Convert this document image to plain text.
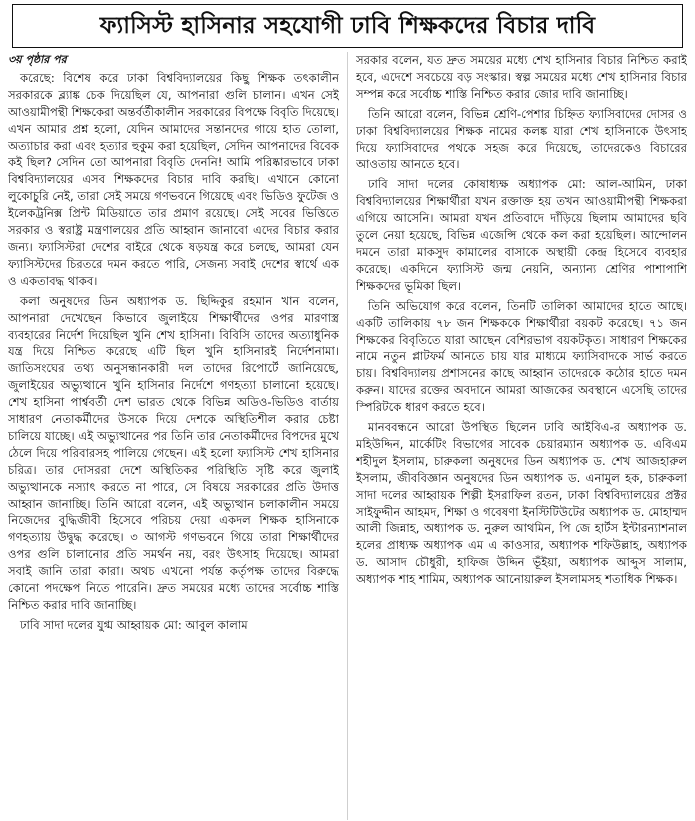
ফ্যাসিস্ট হাসিনার সহযোগী ঢাবি শিক্ষকদের বিচার দাবি
৩য় পৃষ্ঠার পর

করেছে: বিশেষ করে ঢাকা বিশ্ববিদ্যালয়ের কিছু শিক্ষক তৎকালীন সরকারকে ব্ল্যাঙ্ক চেক দিয়েছিল যে, আপনারা গুলি চালান। এখন সেই আওয়ামীপন্থী শিক্ষকেরা অন্তর্বর্তীকালীন সরকারের বিপক্ষে বিবৃতি দিয়েছে। এখন আমার প্রশ্ন হলো, যেদিন আমাদের সন্তানদের গায়ে হাত তোলা, অত্যাচার করা এবং হত্যার হুকুম করা হয়েছিল, সেদিন আপনাদের বিবেক কই ছিল? সেদিন তো আপনারা বিবৃতি দেননি! আমি পরিষ্কারভাবে ঢাকা বিশ্ববিদ্যালয়ের এসব শিক্ষকদের বিচার দাবি করছি। এখানে কোনো লুকোচুরি নেই, তারা সেই সময়ে গণভবনে গিয়েছে এবং ভিডিও ফুটেজ ও ইলেকট্রনিক্স প্রিন্ট মিডিয়াতে তার প্রমাণ রয়েছে। সেই সবের ভিত্তিতে সরকার ও স্বরাষ্ট্র মন্ত্রণালয়ের প্রতি আহ্বান জানাবো এদের বিচার করার জন্য। ফ্যাসিস্টরা দেশের বাইরে থেকে ষড়যন্ত্র করে চলছে, আমরা যেন ফ্যাসিস্টদের চিরতরে দমন করতে পারি, সেজন্য সবাই দেশের স্বার্থে এক ও একতাবদ্ধ থাকব।

কলা অনুষদের ডিন অধ্যাপক ড. ছিদ্দিকুর রহমান খান বলেন, আপনারা দেখেছেন কিভাবে জুলাইয়ে শিক্ষার্থীদের ওপর মারণাস্ত্র ব্যবহারের নির্দেশ দিয়েছিল খুনি শেখ হাসিনা। বিবিসি তাদের অত্যাধুনিক যন্ত্র দিয়ে নিশ্চিত করেছে এটি ছিল খুনি হাসিনারই নির্দেশনামা। জাতিসংঘের তথ্য অনুসন্ধানকারী দল তাদের রিপোর্টে জানিয়েছে, জুলাইয়ের অভ্যুত্থানে খুনি হাসিনার নির্দেশে গণহত্যা চালানো হয়েছে। শেখ হাসিনা পার্শ্ববর্তী দেশ ভারত থেকে বিভিন্ন অডিও-ভিডিও বার্তায় সাধারণ নেতাকর্মীদের উসকে দিয়ে দেশকে অস্থিতিশীল করার চেষ্টা চালিয়ে যাচ্ছে। এই অভ্যুত্থানের পর তিনি তার নেতাকর্মীদের বিপদের মুখে ঠেলে দিয়ে পরিবারসহ পালিয়ে গেছেন। এই হলো ফ্যাসিস্ট শেখ হাসিনার চরিত্র। তার দোসররা দেশে অস্থিতিকর পরিস্থিতি সৃষ্টি করে জুলাই অভ্যুত্থানকে নস্যাৎ করতে না পারে, সে বিষয়ে সরকারের প্রতি উদাত্ত আহ্বান জানাচ্ছি। তিনি আরো বলেন, এই অভ্যুত্থান চলাকালীন সময়ে নিজেদের বুদ্ধিজীবী হিসেবে পরিচয় দেয়া একদল শিক্ষক হাসিনাকে গণহত্যায় উদ্বুদ্ধ করেছে। ৩ আগস্ট গণভবনে গিয়ে তারা শিক্ষার্থীদের ওপর গুলি চালানোর প্রতি সমর্থন নয়, বরং উৎসাহ দিয়েছে। আমরা সবাই জানি তারা কারা। অথচ এখনো পর্যন্ত কর্তৃপক্ষ তাদের বিরুদ্ধে কোনো পদক্ষেপ নিতে পারেনি। দ্রুত সময়ের মধ্যে তাদের সর্বোচ্চ শাস্তি নিশ্চিত করার দাবি জানাচ্ছি।

ঢাবি সাদা দলের যুগ্ম আহ্বায়ক মো: আবুল কালাম

সরকার বলেন, যত দ্রুত সময়ের মধ্যে শেখ হাসিনার বিচার নিশ্চিত করাই হবে, এদেশে সবচেয়ে বড় সংস্কার। স্বল্প সময়ের মধ্যে শেখ হাসিনার বিচার সম্পন্ন করে সর্বোচ্চ শাস্তি নিশ্চিত করার জোর দাবি জানাচ্ছি।

তিনি আরো বলেন, বিভিন্ন শ্রেণি-পেশার চিহ্নিত ফ্যাসিবাদের দোসর ও ঢাকা বিশ্ববিদ্যালয়ের শিক্ষক নামের কলঙ্ক যারা শেখ হাসিনাকে উৎসাহ দিয়ে ফ্যাসিবাদের পথকে সহজ করে দিয়েছে, তাদেরকেও বিচারের আওতায় আনতে হবে।

ঢাবি সাদা দলের কোষাধ্যক্ষ অধ্যাপক মো: আল-আমিন, ঢাকা বিশ্ববিদ্যালয়ের শিক্ষার্থীরা যখন রক্তাক্ত হয় তখন আওয়ামীপন্থী শিক্ষকরা এগিয়ে আসেনি। আমরা যখন প্রতিবাদে দাঁড়িয়ে ছিলাম আমাদের ছবি তুলে নেয়া হয়েছে, বিভিন্ন এজেন্সি থেকে কল করা হয়েছিল। আন্দোলন দমনে তারা মাকসুদ কামালের বাসাকে অস্থায়ী কেন্দ্র হিসেবে ব্যবহার করেছে। একদিনে ফ্যাসিস্ট জন্ম নেয়নি, অন্যান্য শ্রেণির পাশাপাশি শিক্ষকদের ভূমিকা ছিল।

তিনি অভিযোগ করে বলেন, তিনটি তালিকা আমাদের হাতে আছে। একটি তালিকায় ৭৮ জন শিক্ষককে শিক্ষার্থীরা বয়কট করেছে। ৭১ জন শিক্ষকের বিবৃতিতে যারা আছেন বেশিরভাগ বয়কটকৃত। সাধারণ শিক্ষকের নামে নতুন প্লাটফর্ম আনতে চায় যার মাধ্যমে ফ্যাসিবাদকে সার্ভ করতে চায়। বিশ্ববিদ্যালয় প্রশাসনের কাছে আহ্বান তাদেরকে কঠোর হাতে দমন করুন। যাদের রক্তের অবদানে আমরা আজকের অবস্থানে এসেছি তাদের স্পিরিটকে ধারণ করতে হবে।

মানববন্ধনে আরো উপস্থিত ছিলেন ঢাবি আইবিএ-র অধ্যাপক ড. মহিউদ্দিন, মার্কেটিং বিভাগের সাবেক চেয়ারম্যান অধ্যাপক ড. এবিএম শহীদুল ইসলাম, চারুকলা অনুষদের ডিন অধ্যাপক ড. শেখ আজহারুল ইসলাম, জীববিজ্ঞান অনুষদের ডিন অধ্যাপক ড. এনামুল হক, চারুকলা সাদা দলের আহ্বায়ক শিল্পী ইসরাফিল রতন, ঢাকা বিশ্ববিদ্যালয়ের প্রক্টর সাইফুদ্দীন আহমদ, শিক্ষা ও গবেষণা ইনস্টিটিউটের অধ্যাপক ড. মোহাম্মদ আলী জিন্নাহ, অধ্যাপক ড. নুরুল আথমিন, পি জে হার্টস ইন্টারন্যাশনাল হলের প্রাধ্যক্ষ অধ্যাপক এম এ কাওসার, অধ্যাপক শফিউল্লাহ, অধ্যাপক ড. আসাদ চৌধুরী, হাফিজ উদ্দিন ভূঁইয়া, অধ্যাপক আব্দুস সালাম, অধ্যাপক শাহ শামিম, অধ্যাপক আনোয়ারুল ইসলামসহ শতাধিক শিক্ষক।
